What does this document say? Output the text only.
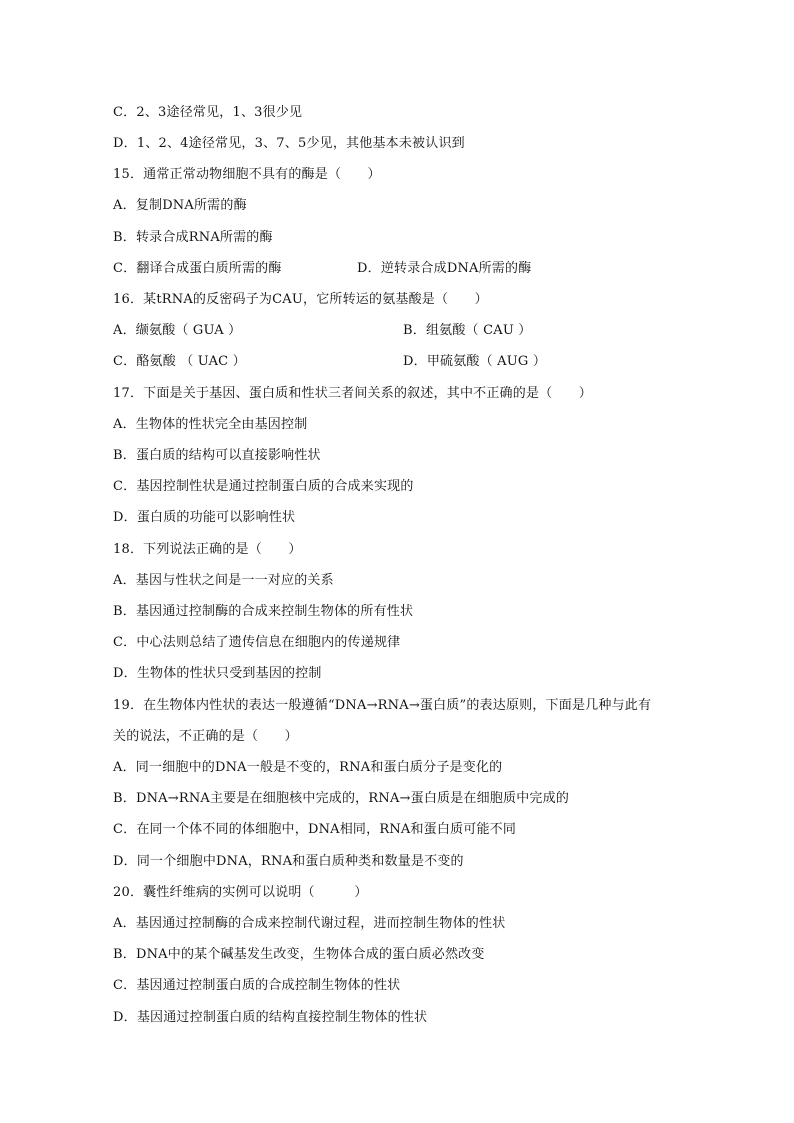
C．2、3途径常见，1、3很少见
D．1、2、4途径常见，3、7、5少见，其他基本未被认识到
15．通常正常动物细胞不具有的酶是（　　）
A．复制DNA所需的酶
B．转录合成RNA所需的酶
C．翻译合成蛋白质所需的酶	D．逆转录合成DNA所需的酶
16．某tRNA的反密码子为CAU，它所转运的氨基酸是（　　）
A．缬氨酸（ GUA ）	B．组氨酸（ CAU ）
C．酪氨酸 （ UAC ）	D．甲硫氨酸（ AUG ）
17．下面是关于基因、蛋白质和性状三者间关系的叙述，其中不正确的是（　　）
A．生物体的性状完全由基因控制
B．蛋白质的结构可以直接影响性状
C．基因控制性状是通过控制蛋白质的合成来实现的
D．蛋白质的功能可以影响性状
18．下列说法正确的是（　　）
A．基因与性状之间是一一对应的关系
B．基因通过控制酶的合成来控制生物体的所有性状
C．中心法则总结了遗传信息在细胞内的传递规律
D．生物体的性状只受到基因的控制
19．在生物体内性状的表达一般遵循“DNA→RNA→蛋白质”的表达原则，下面是几种与此有
关的说法，不正确的是（　　）
A．同一细胞中的DNA一般是不变的，RNA和蛋白质分子是变化的
B．DNA→RNA主要是在细胞核中完成的，RNA→蛋白质是在细胞质中完成的
C．在同一个体不同的体细胞中，DNA相同，RNA和蛋白质可能不同
D．同一个细胞中DNA，RNA和蛋白质种类和数量是不变的
20．囊性纤维病的实例可以说明（　　　）
A．基因通过控制酶的合成来控制代谢过程，进而控制生物体的性状
B．DNA中的某个碱基发生改变，生物体合成的蛋白质必然改变
C．基因通过控制蛋白质的合成控制生物体的性状
D．基因通过控制蛋白质的结构直接控制生物体的性状
